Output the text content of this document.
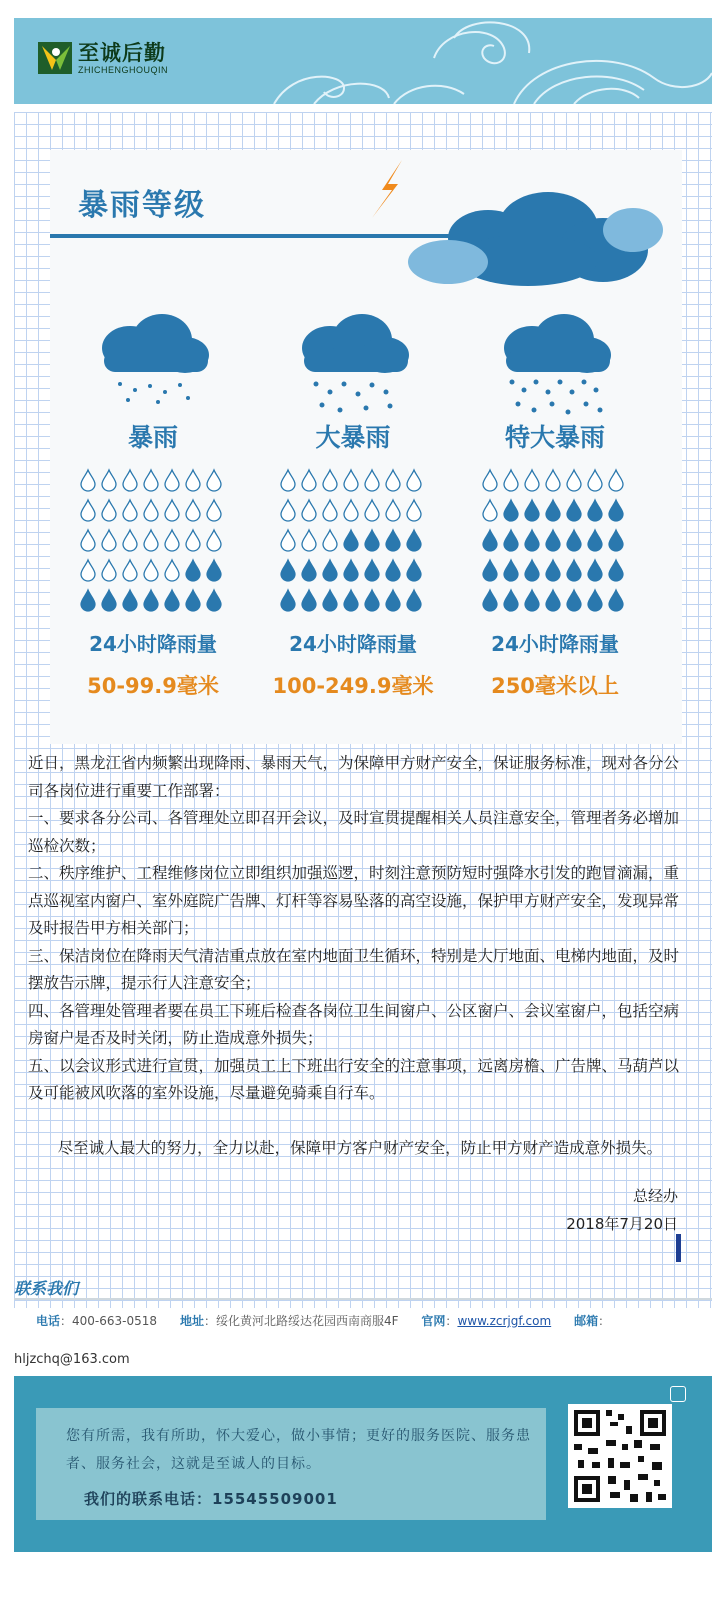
至诚后勤
ZHICHENGHOUQIN
暴雨等级
暴雨
24小时降雨量
50-99.9毫米
大暴雨
24小时降雨量
100-249.9毫米
特大暴雨
24小时降雨量
250毫米以上

近日，黑龙江省内频繁出现降雨、暴雨天气，为保障甲方财产安全，保证服务标准，现对各分公司各岗位进行重要工作部署：

一、要求各分公司、各管理处立即召开会议，及时宣贯提醒相关人员注意安全，管理者务必增加巡检次数；

二、秩序维护、工程维修岗位立即组织加强巡逻，时刻注意预防短时强降水引发的跑冒滴漏，重点巡视室内窗户、室外庭院广告牌、灯杆等容易坠落的高空设施，保护甲方财产安全，发现异常及时报告甲方相关部门；

三、保洁岗位在降雨天气清洁重点放在室内地面卫生循环，特别是大厅地面、电梯内地面，及时摆放告示牌，提示行人注意安全；

四、各管理处管理者要在员工下班后检查各岗位卫生间窗户、公区窗户、会议室窗户，包括空病房窗户是否及时关闭，防止造成意外损失；

五、以会议形式进行宣贯，加强员工上下班出行安全的注意事项，远离房檐、广告牌、马葫芦以及可能被风吹落的室外设施，尽量避免骑乘自行车。

尽至诚人最大的努力，全力以赴，保障甲方客户财产安全，防止甲方财产造成意外损失。

总经办
2018年7月20日
联系我们
电话：400-663-0518 地址：绥化黄河北路绥达花园西南商服4F 官网：www.zcrjgf.com 邮箱：
hljzchq@163.com
您有所需，我有所助，怀大爱心，做小事情；更好的服务医院、服务患者、服务社会，这就是至诚人的目标。
我们的联系电话：15545509001
